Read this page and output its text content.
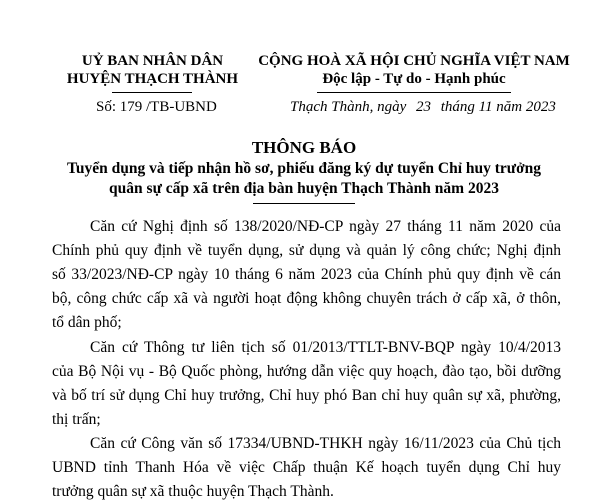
UỶ BAN NHÂN DÂN
HUYỆN THẠCH THÀNH
CỘNG HOÀ XÃ HỘI CHỦ NGHĨA VIỆT NAM
Độc lập - Tự do - Hạnh phúc
Số: 179 /TB-UBND	Thạch Thành, ngày 23 tháng 11 năm 2023
THÔNG BÁO
Tuyển dụng và tiếp nhận hồ sơ, phiếu đăng ký dự tuyển Chỉ huy trưởng
quân sự cấp xã trên địa bàn huyện Thạch Thành năm 2023
Căn cứ Nghị định số 138/2020/NĐ-CP ngày 27 tháng 11 năm 2020 của
Chính phủ quy định về tuyển dụng, sử dụng và quản lý công chức; Nghị định
số 33/2023/NĐ-CP ngày 10 tháng 6 năm 2023 của Chính phủ quy định về cán
bộ, công chức cấp xã và người hoạt động không chuyên trách ở cấp xã, ở thôn,
tổ dân phố;
Căn cứ Thông tư liên tịch số 01/2013/TTLT-BNV-BQP ngày 10/4/2013
của Bộ Nội vụ - Bộ Quốc phòng, hướng dẫn việc quy hoạch, đào tạo, bồi dưỡng
và bố trí sử dụng Chỉ huy trưởng, Chỉ huy phó Ban chỉ huy quân sự xã, phường,
thị trấn;
Căn cứ Công văn số 17334/UBND-THKH ngày 16/11/2023 của Chủ tịch
UBND tỉnh Thanh Hóa về việc Chấp thuận Kế hoạch tuyển dụng Chỉ huy
trưởng quân sự xã thuộc huyện Thạch Thành.
